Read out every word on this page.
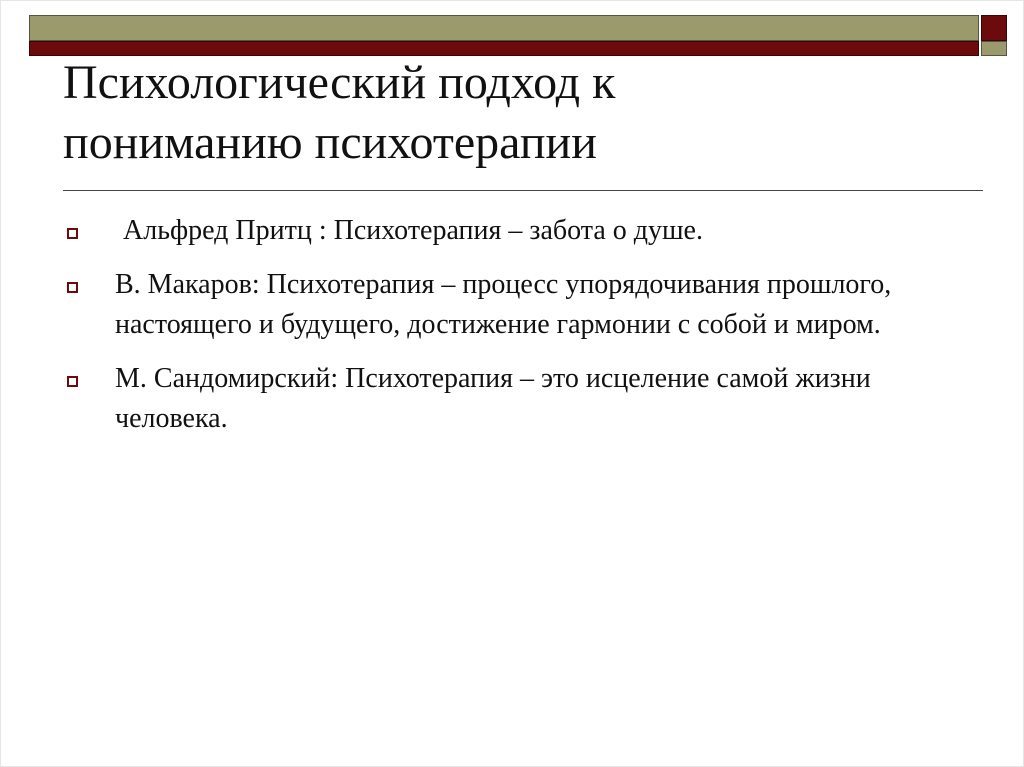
Психологический подход к
пониманию психотерапии
Альфред Притц : Психотерапия – забота о душе.
В. Макаров: Психотерапия – процесс упорядочивания прошлого, настоящего и будущего, достижение гармонии с собой и миром.
М. Сандомирский: Психотерапия – это исцеление самой жизни человека.
